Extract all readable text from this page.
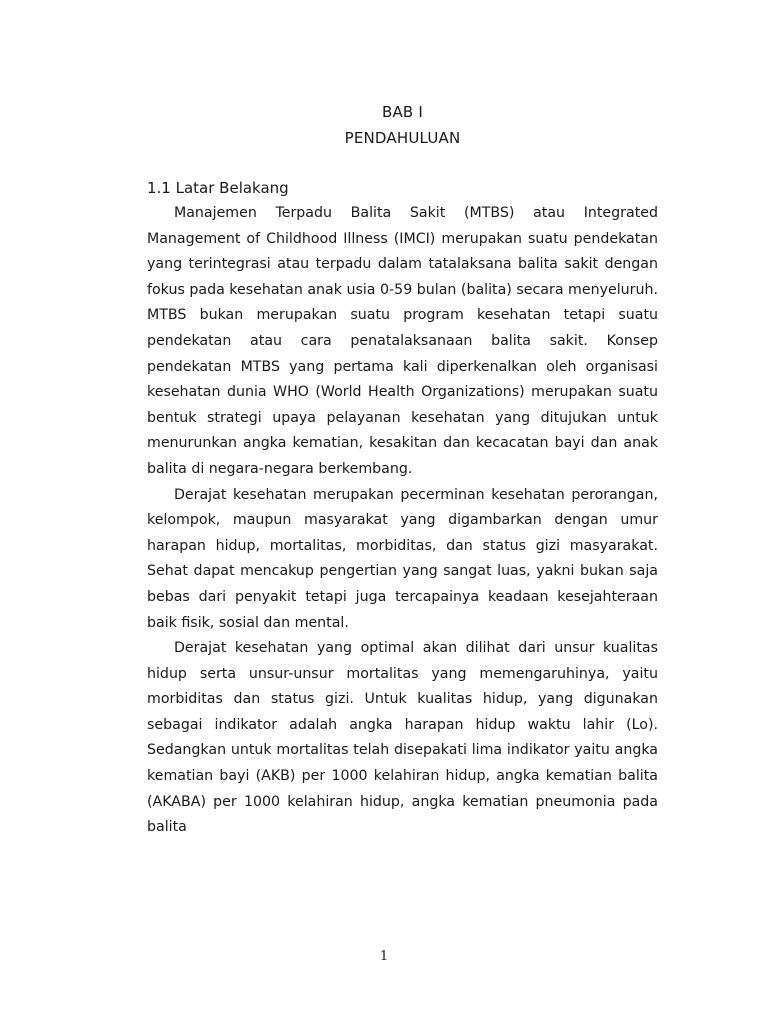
BAB I
PENDAHULUAN
1.1 Latar Belakang

Manajemen Terpadu Balita Sakit (MTBS) atau Integrated Management of Childhood Illness (IMCI) merupakan suatu pendekatan yang terintegrasi atau terpadu dalam tatalaksana balita sakit dengan fokus pada kesehatan anak usia 0-59 bulan (balita) secara menyeluruh. MTBS bukan merupakan suatu program kesehatan tetapi suatu pendekatan atau cara penatalaksanaan balita sakit. Konsep pendekatan MTBS yang pertama kali diperkenalkan oleh organisasi kesehatan dunia WHO (World Health Organizations) merupakan suatu bentuk strategi upaya pelayanan kesehatan yang ditujukan untuk menurunkan angka kematian, kesakitan dan kecacatan bayi dan anak balita di negara-negara berkembang.

Derajat kesehatan merupakan pecerminan kesehatan perorangan, kelompok, maupun masyarakat yang digambarkan dengan umur harapan hidup, mortalitas, morbiditas, dan status gizi masyarakat. Sehat dapat mencakup pengertian yang sangat luas, yakni bukan saja bebas dari penyakit tetapi juga tercapainya keadaan kesejahteraan baik fisik, sosial dan mental.

Derajat kesehatan yang optimal akan dilihat dari unsur kualitas hidup serta unsur-unsur mortalitas yang memengaruhinya, yaitu morbiditas dan status gizi. Untuk kualitas hidup, yang digunakan sebagai indikator adalah angka harapan hidup waktu lahir (Lo). Sedangkan untuk mortalitas telah disepakati lima indikator yaitu angka kematian bayi (AKB) per 1000 kelahiran hidup, angka kematian balita (AKABA) per 1000 kelahiran hidup, angka kematian pneumonia pada balita

1
